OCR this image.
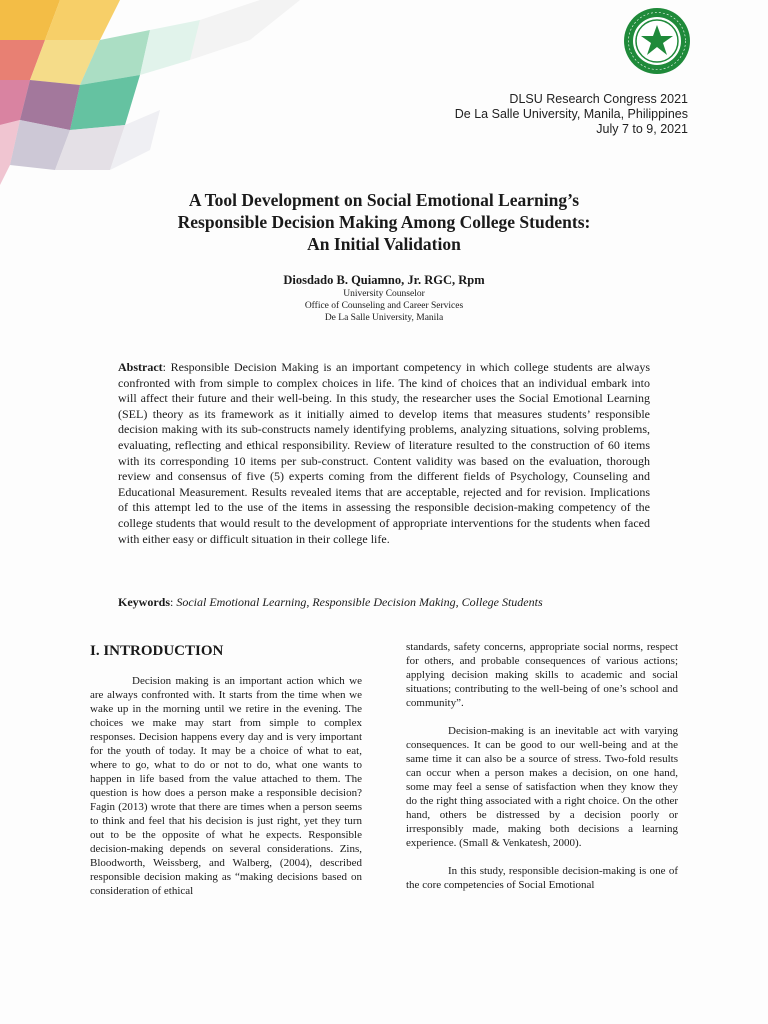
DLSU Research Congress 2021
De La Salle University, Manila, Philippines
July 7 to 9, 2021
A Tool Development on Social Emotional Learning’s
Responsible Decision Making Among College Students:
An Initial Validation
Diosdado B. Quiamno, Jr. RGC, Rpm
University Counselor
Office of Counseling and Career Services
De La Salle University, Manila

Abstract: Responsible Decision Making is an important competency in which college students are always confronted with from simple to complex choices in life. The kind of choices that an individual embark into will affect their future and their well-being. In this study, the researcher uses the Social Emotional Learning (SEL) theory as its framework as it initially aimed to develop items that measures students’ responsible decision making with its sub-constructs namely identifying problems, analyzing situations, solving problems, evaluating, reflecting and ethical responsibility. Review of literature resulted to the construction of 60 items with its corresponding 10 items per sub-construct. Content validity was based on the evaluation, thorough review and consensus of five (5) experts coming from the different fields of Psychology, Counseling and Educational Measurement. Results revealed items that are acceptable, rejected and for revision. Implications of this attempt led to the use of the items in assessing the responsible decision-making competency of the college students that would result to the development of appropriate interventions for the students when faced with either easy or difficult situation in their college life.

Keywords: Social Emotional Learning, Responsible Decision Making, College Students

I. INTRODUCTION

Decision making is an important action which we are always confronted with. It starts from the time when we wake up in the morning until we retire in the evening. The choices we make may start from simple to complex responses. Decision happens every day and is very important for the youth of today. It may be a choice of what to eat, where to go, what to do or not to do, what one wants to happen in life based from the value attached to them. The question is how does a person make a responsible decision? Fagin (2013) wrote that there are times when a person seems to think and feel that his decision is just right, yet they turn out to be the opposite of what he expects. Responsible decision-making depends on several considerations. Zins, Bloodworth, Weissberg, and Walberg, (2004), described responsible decision making as “making decisions based on consideration of ethical

standards, safety concerns, appropriate social norms, respect for others, and probable consequences of various actions; applying decision making skills to academic and social situations; contributing to the well-being of one’s school and community”.

Decision-making is an inevitable act with varying consequences. It can be good to our well-being and at the same time it can also be a source of stress. Two-fold results can occur when a person makes a decision, on one hand, some may feel a sense of satisfaction when they know they do the right thing associated with a right choice. On the other hand, others be distressed by a decision poorly or irresponsibly made, making both decisions a learning experience. (Small & Venkatesh, 2000).

In this study, responsible decision-making is one of the core competencies of Social Emotional
